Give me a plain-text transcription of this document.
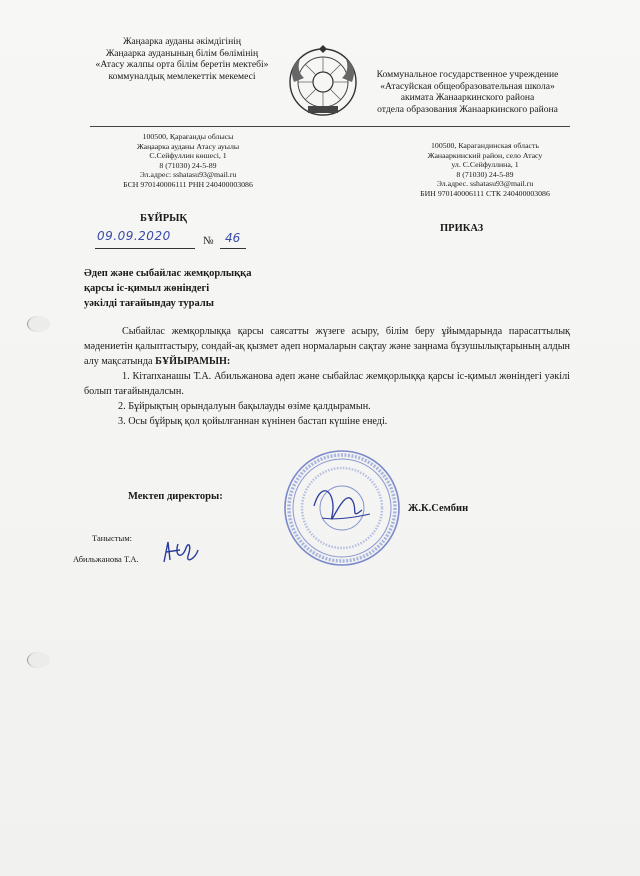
Жаңаарка ауданы әкімдігінің
Жаңаарка ауданының білім бөлімінің
«Атасу жалпы орта білім беретін мектебі»
коммуналдық мемлекеттік мекемесі	Коммунальное государственное учреждение
«Атасуйская общеобразовательная школа»
акимата Жанааркинского района
отдела образования Жанааркинского района
100500, Қарағанды облысы
Жаңаарка ауданы Атасу ауылы
С.Сейфуллин көшесі, 1
8 (71030) 24-5-89
Эл.адрес: sshatasu93@mail.ru
БСН 970140006111 РНН 240400003086
100500, Карагандинская область
Жанааркинский район, село Атасу
ул. С.Сейфуллина, 1
8 (71030) 24-5-89
Эл.адрес. sshatasu93@mail.ru
БИН 970140006111 СТК 240400003086
БҰЙРЫҚ
ПРИКАЗ
09.09.2020	№ 46
Әдеп және сыбайлас жемқорлыққа
қарсы іс-қимыл жөніндегі
уәкілді тағайындау туралы

Сыбайлас жемқорлыққа қарсы саясатты жүзеге асыру, білім беру ұйымдарында парасаттылық мәдениетін қалыптастыру, сондай-ақ қызмет әдеп нормаларын сақтау және заңнама бұзушылықтарының алдын алу мақсатында БҰЙЫРАМЫН:

1. Кітапханашы Т.А. Абильжанова әдеп және сыбайлас жемқорлыққа қарсы іс-қимыл жөніндегі уәкілі болып тағайындалсын.

2. Бұйрықтың орындалуын бақылауды өзіме қалдырамын.

3. Осы бұйрық қол қойылғаннан күнінен бастап күшіне енеді.

Мектеп директоры:
Ж.К.Сембин
Таныстым:
Абильжанова Т.А.
